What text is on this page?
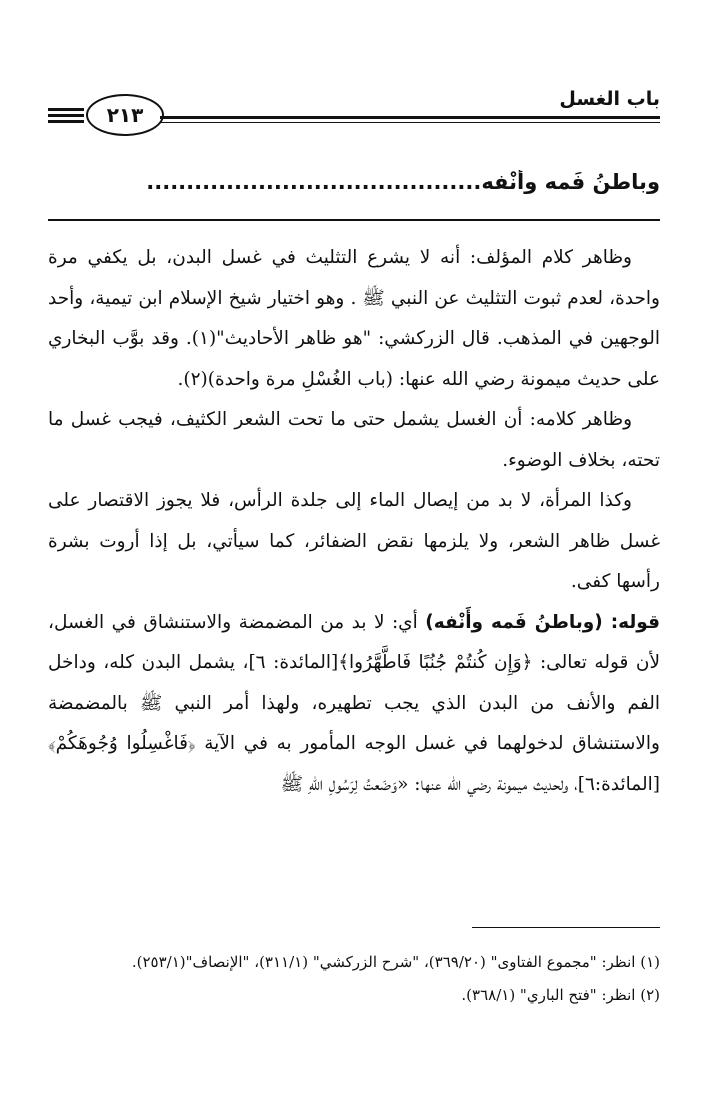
باب الغسل
٢١٣
وباطنُ فَمه وأَنْفه..........................................

وظاهر كلام المؤلف: أنه لا يشرع التثليث في غسل البدن، بل يكفي مرة واحدة، لعدم ثبوت التثليث عن النبي ﷺ . وهو اختيار شيخ الإسلام ابن تيمية، وأحد الوجهين في المذهب. قال الزركشي: "هو ظاهر الأحاديث"(١). وقد بوَّب البخاري على حديث ميمونة رضي الله عنها: (باب الغُسْلِ مرة واحدة)(٢).

وظاهر كلامه: أن الغسل يشمل حتى ما تحت الشعر الكثيف، فيجب غسل ما تحته، بخلاف الوضوء.

وكذا المرأة، لا بد من إيصال الماء إلى جلدة الرأس، فلا يجوز الاقتصار على غسل ظاهر الشعر، ولا يلزمها نقض الضفائر، كما سيأتي، بل إذا أروت بشرة رأسها كفى.

قوله: (وباطنُ فَمه وأَنْفه) أي: لا بد من المضمضة والاستنشاق في الغسل، لأن قوله تعالى: ﴿وَإِن كُنتُمْ جُنُبًا فَاطَّهَّرُوا﴾[المائدة: ٦]، يشمل البدن كله، وداخل الفم والأنف من البدن الذي يجب تطهيره، ولهذا أمر النبي ﷺ بالمضمضة والاستنشاق لدخولهما في غسل الوجه المأمور به في الآية ﴿فَاغْسِلُوا وُجُوهَكُمْ﴾ [المائدة:٦]، ولحديث ميمونة رضي الله عنها: «وَضَعتُ لِرَسُولِ اللهِ ﷺ

(١) انظر: "مجموع الفتاوى" (٣٦٩/٢٠)، "شرح الزركشي" (٣١١/١)، "الإنصاف"(٢٥٣/١).
(٢) انظر: "فتح الباري" (٣٦٨/١).
